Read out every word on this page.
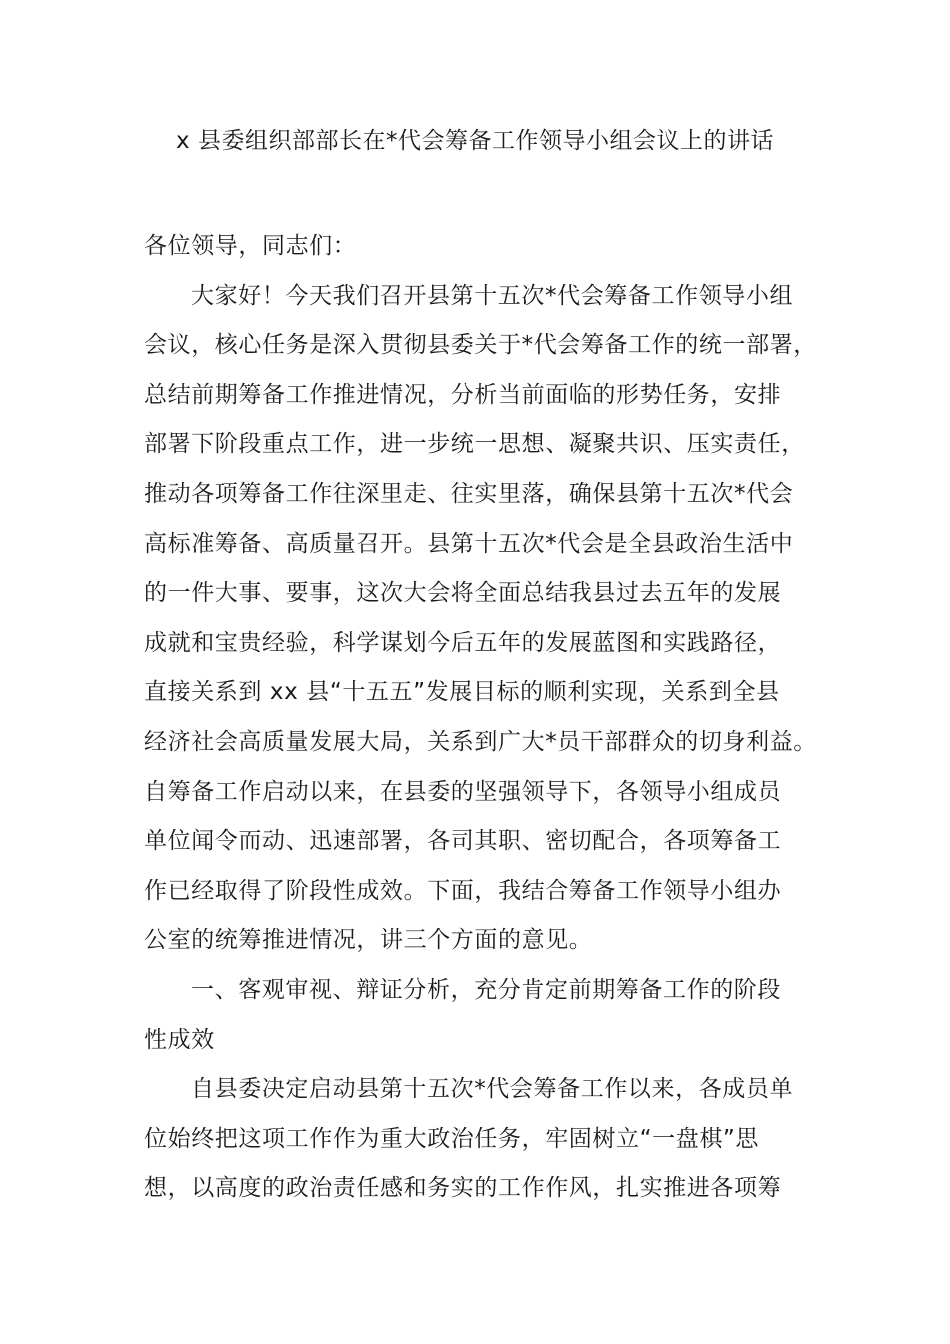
x 县委组织部部长在*代会筹备工作领导小组会议上的讲话
各位领导，同志们：
大家好！今天我们召开县第十五次*代会筹备工作领导小组
会议，核心任务是深入贯彻县委关于*代会筹备工作的统一部署，
总结前期筹备工作推进情况，分析当前面临的形势任务，安排
部署下阶段重点工作，进一步统一思想、凝聚共识、压实责任，
推动各项筹备工作往深里走、往实里落，确保县第十五次*代会
高标准筹备、高质量召开。县第十五次*代会是全县政治生活中
的一件大事、要事，这次大会将全面总结我县过去五年的发展
成就和宝贵经验，科学谋划今后五年的发展蓝图和实践路径，
直接关系到 xx 县“十五五”发展目标的顺利实现，关系到全县
经济社会高质量发展大局，关系到广大*员干部群众的切身利益。
自筹备工作启动以来，在县委的坚强领导下，各领导小组成员
单位闻令而动、迅速部署，各司其职、密切配合，各项筹备工
作已经取得了阶段性成效。下面，我结合筹备工作领导小组办
公室的统筹推进情况，讲三个方面的意见。
一、客观审视、辩证分析，充分肯定前期筹备工作的阶段
性成效
自县委决定启动县第十五次*代会筹备工作以来，各成员单
位始终把这项工作作为重大政治任务，牢固树立“一盘棋”思
想，以高度的政治责任感和务实的工作作风，扎实推进各项筹
